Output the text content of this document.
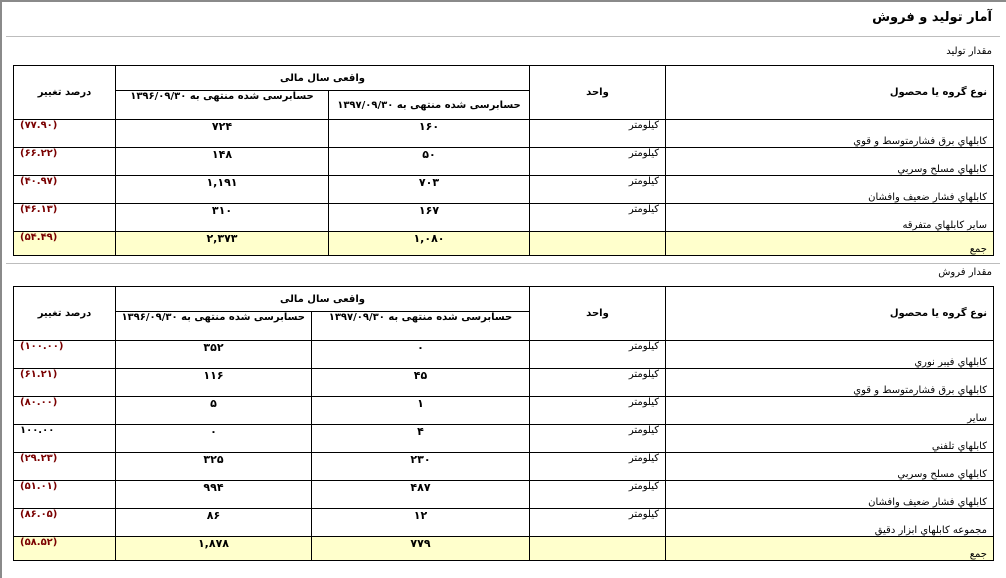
آمار تولید و فروش
مقدار تولید
نوع گروه یا محصول	واحد	واقعی سال مالی		درصد تغییر
		حسابرسی شده منتهی به ۱۳۹۷/۰۹/۳۰	حسابرسی شده منتهی به ۱۳۹۶/۰۹/۳۰	
كابلهاي برق فشارمتوسط و قوي	كيلومتر	۱۶۰	۷۲۴	(۷۷.۹۰)
كابلهاي مسلح وسربي	كيلومتر	۵۰	۱۴۸	(۶۶.۲۲)
كابلهاي فشار ضعيف وافشان	كيلومتر	۷۰۳	۱,۱۹۱	(۴۰.۹۷)
ساير كابلهاي متفرقه	كيلومتر	۱۶۷	۳۱۰	(۴۶.۱۳)
جمع		۱,۰۸۰	۲,۳۷۳	(۵۴.۴۹)
مقدار فروش
نوع گروه یا محصول	واحد	واقعی سال مالی		درصد تغییر
		حسابرسی شده منتهی به ۱۳۹۷/۰۹/۳۰	حسابرسی شده منتهی به ۱۳۹۶/۰۹/۳۰	
كابلهاي فيبر نوري	كيلومتر	۰	۳۵۲	(۱۰۰.۰۰)
كابلهاي برق فشارمتوسط و قوي	كيلومتر	۴۵	۱۱۶	(۶۱.۲۱)
ساير	كيلومتر	۱	۵	(۸۰.۰۰)
كابلهاي تلفني	كيلومتر	۴	۰	۱۰۰.۰۰
كابلهاي مسلح وسربي	كيلومتر	۲۳۰	۳۲۵	(۲۹.۲۳)
كابلهاي فشار ضعيف وافشان	كيلومتر	۴۸۷	۹۹۴	(۵۱.۰۱)
مجموعه كابلهاي ابزار دقيق	كيلومتر	۱۲	۸۶	(۸۶.۰۵)
جمع		۷۷۹	۱,۸۷۸	(۵۸.۵۲)
